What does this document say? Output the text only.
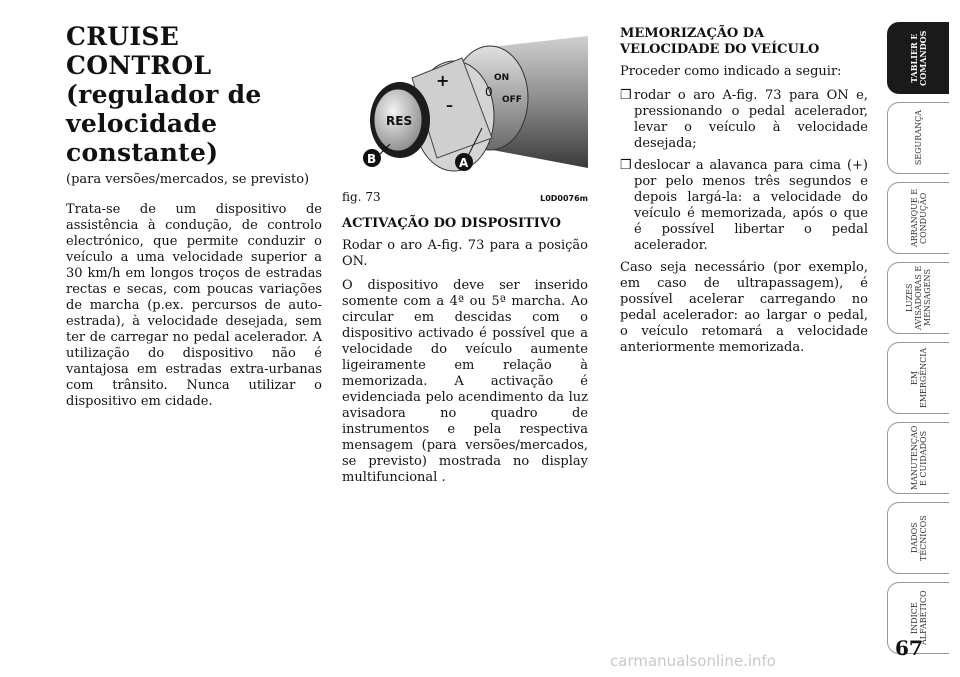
CRUISE CONTROL (regulador de velocidade constante)
(para versões/mercados, se previsto)

Trata-se de um dispositivo de assistência à condução, de controlo electrónico, que permite conduzir o veículo a uma velocidade superior a 30 km/h em longos troços de estradas rectas e secas, com poucas variações de marcha (p.ex. percursos de auto-estrada), à velocidade desejada, sem ter de carregar no pedal acelerador. A utilização do dispositivo não é vantajosa em estradas extra-urbanas com trânsito. Nunca utilizar o dispositivo em cidade.

RES
ON
OFF
0
+
–
A
B
fig. 73	L0D0076m
ACTIVAÇÃO DO DISPOSITIVO

Rodar o aro A-fig. 73 para a posição ON.

O dispositivo deve ser inserido somente com a 4ª ou 5ª marcha. Ao circular em descidas com o dispositivo activado é possível que a velocidade do veículo aumente ligeiramente em relação à memorizada. A activação é evidenciada pelo acendimento da luz avisadora no quadro de instrumentos e pela respectiva mensagem (para versões/mercados, se previsto) mostrada no display multifuncional .

MEMORIZAÇÃO DA VELOCIDADE DO VEÍCULO

Proceder como indicado a seguir:

❒ rodar o aro A-fig. 73 para ON e, pressionando o pedal acelerador, levar o veículo à velocidade desejada;
❒ deslocar a alavanca para cima (+) por pelo menos três segundos e depois largá-la: a velocidade do veículo é memorizada, após o que é possível libertar o pedal acelerador.

Caso seja necessário (por exemplo, em caso de ultrapassagem), é possível acelerar carregando no pedal acelerador: ao largar o pedal, o veículo retomará a velocidade anteriormente memorizada.

TABLIER E COMANDOS
SEGURANÇA
ARRANQUE E CONDUÇÃO
LUZES AVISADORAS E MENSAGENS
EM EMERGÊNCIA
MANUTENÇÃO E CUIDADOS
DADOS TÉCNICOS
ÍNDICE ALFABÉTICO
67
carmanualsonline.info
